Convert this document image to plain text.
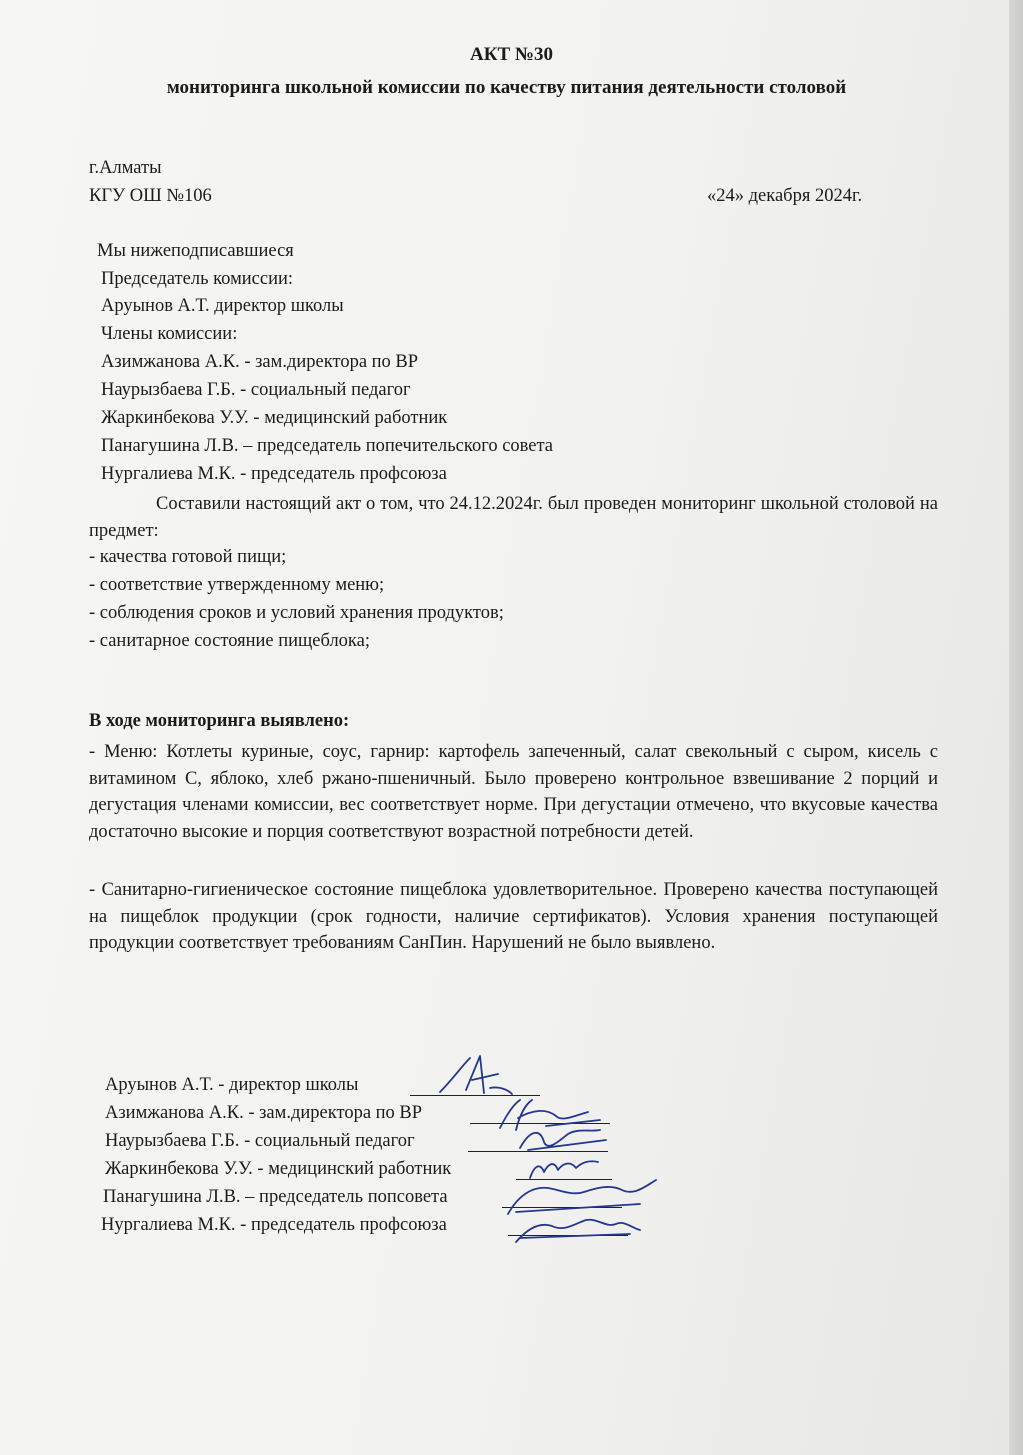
АКТ №30
мониторинга школьной комиссии по качеству питания деятельности столовой
г.Алматы
КГУ ОШ №106	«24» декабря 2024г.
Мы нижеподписавшиеся
Председатель комиссии:
Аруынов А.Т. директор школы
Члены комиссии:
Азимжанова А.К. - зам.директора по ВР
Наурызбаева Г.Б. - социальный педагог
Жаркинбекова У.У. - медицинский работник
Панагушина Л.В. – председатель попечительского совета
Нургалиева М.К. - председатель профсоюза
Составили настоящий акт о том, что 24.12.2024г. был проведен мониторинг школьной столовой на предмет:
- качества готовой пищи;
- соответствие утвержденному меню;
- соблюдения сроков и условий хранения продуктов;
- санитарное состояние пищеблока;
В ходе мониторинга выявлено:
- Меню: Котлеты куриные, соус, гарнир: картофель запеченный, салат свекольный с сыром, кисель с витамином С, яблоко, хлеб ржано-пшеничный. Было проверено контрольное взвешивание 2 порций и дегустация членами комиссии, вес соответствует норме. При дегустации отмечено, что вкусовые качества достаточно высокие и порция соответствуют возрастной потребности детей.
- Санитарно-гигиеническое состояние пищеблока удовлетворительное. Проверено качества поступающей на пищеблок продукции (срок годности, наличие сертификатов). Условия хранения поступающей продукции соответствует требованиям СанПин. Нарушений не было выявлено.
Аруынов А.Т. - директор школы
Азимжанова А.К. - зам.директора по ВР
Наурызбаева Г.Б. - социальный педагог
Жаркинбекова У.У. - медицинский работник
Панагушина Л.В. – председатель попсовета
Нургалиева М.К. - председатель профсоюза
